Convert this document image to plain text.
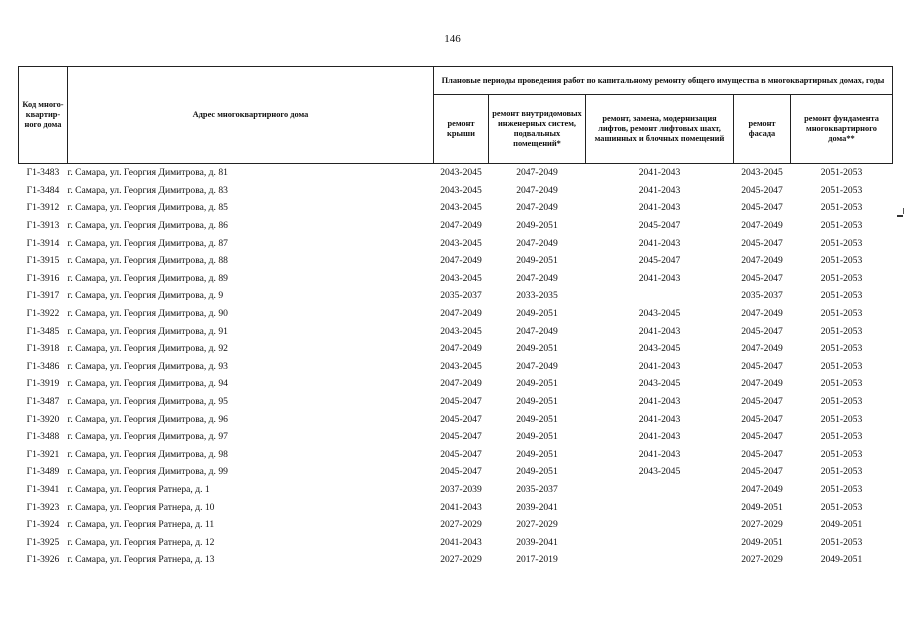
146
Код много-квартир-ного дома	Адрес многоквартирного дома	Плановые периоды проведения работ по капитальному ремонту общего имущества в многоквартирных домах, годы				
		ремонт крыши	ремонт внутридомовых инженерных систем, подвальных помещений*	ремонт, замена, модернизация лифтов, ремонт лифтовых шахт, машинных и блочных помещений	ремонт фасада	ремонт фундамента многоквартирного дома**
Г1-3483	г. Самара, ул. Георгия Димитрова, д. 81	2043-2045	2047-2049	2041-2043	2043-2045	2051-2053
Г1-3484	г. Самара, ул. Георгия Димитрова, д. 83	2043-2045	2047-2049	2041-2043	2045-2047	2051-2053
Г1-3912	г. Самара, ул. Георгия Димитрова, д. 85	2043-2045	2047-2049	2041-2043	2045-2047	2051-2053
Г1-3913	г. Самара, ул. Георгия Димитрова, д. 86	2047-2049	2049-2051	2045-2047	2047-2049	2051-2053
Г1-3914	г. Самара, ул. Георгия Димитрова, д. 87	2043-2045	2047-2049	2041-2043	2045-2047	2051-2053
Г1-3915	г. Самара, ул. Георгия Димитрова, д. 88	2047-2049	2049-2051	2045-2047	2047-2049	2051-2053
Г1-3916	г. Самара, ул. Георгия Димитрова, д. 89	2043-2045	2047-2049	2041-2043	2045-2047	2051-2053
Г1-3917	г. Самара, ул. Георгия Димитрова, д. 9	2035-2037	2033-2035		2035-2037	2051-2053
Г1-3922	г. Самара, ул. Георгия Димитрова, д. 90	2047-2049	2049-2051	2043-2045	2047-2049	2051-2053
Г1-3485	г. Самара, ул. Георгия Димитрова, д. 91	2043-2045	2047-2049	2041-2043	2045-2047	2051-2053
Г1-3918	г. Самара, ул. Георгия Димитрова, д. 92	2047-2049	2049-2051	2043-2045	2047-2049	2051-2053
Г1-3486	г. Самара, ул. Георгия Димитрова, д. 93	2043-2045	2047-2049	2041-2043	2045-2047	2051-2053
Г1-3919	г. Самара, ул. Георгия Димитрова, д. 94	2047-2049	2049-2051	2043-2045	2047-2049	2051-2053
Г1-3487	г. Самара, ул. Георгия Димитрова, д. 95	2045-2047	2049-2051	2041-2043	2045-2047	2051-2053
Г1-3920	г. Самара, ул. Георгия Димитрова, д. 96	2045-2047	2049-2051	2041-2043	2045-2047	2051-2053
Г1-3488	г. Самара, ул. Георгия Димитрова, д. 97	2045-2047	2049-2051	2041-2043	2045-2047	2051-2053
Г1-3921	г. Самара, ул. Георгия Димитрова, д. 98	2045-2047	2049-2051	2041-2043	2045-2047	2051-2053
Г1-3489	г. Самара, ул. Георгия Димитрова, д. 99	2045-2047	2049-2051	2043-2045	2045-2047	2051-2053
Г1-3941	г. Самара, ул. Георгия Ратнера, д. 1	2037-2039	2035-2037		2047-2049	2051-2053
Г1-3923	г. Самара, ул. Георгия Ратнера, д. 10	2041-2043	2039-2041		2049-2051	2051-2053
Г1-3924	г. Самара, ул. Георгия Ратнера, д. 11	2027-2029	2027-2029		2027-2029	2049-2051
Г1-3925	г. Самара, ул. Георгия Ратнера, д. 12	2041-2043	2039-2041		2049-2051	2051-2053
Г1-3926	г. Самара, ул. Георгия Ратнера, д. 13	2027-2029	2017-2019		2027-2029	2049-2051
